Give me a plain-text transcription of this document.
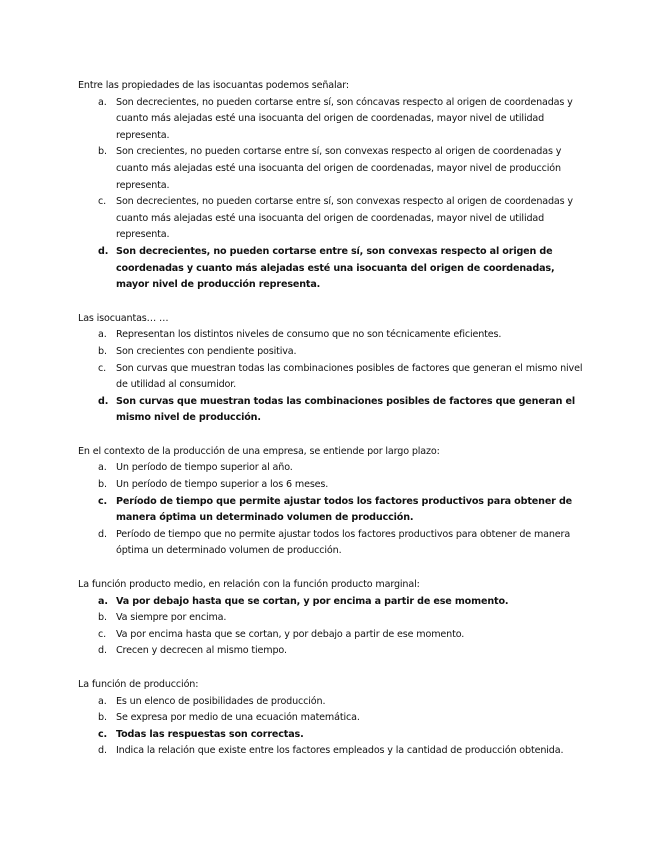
Entre las propiedades de las isocuantas podemos señalar:

a. Son decrecientes, no pueden cortarse entre sí, son cóncavas respecto al origen de coordenadas y cuanto más alejadas esté una isocuanta del origen de coordenadas, mayor nivel de utilidad representa.
b. Son crecientes, no pueden cortarse entre sí, son convexas respecto al origen de coordenadas y cuanto más alejadas esté una isocuanta del origen de coordenadas, mayor nivel de producción representa.
c.	Son decrecientes, no pueden cortarse entre sí, son convexas respecto al origen de coordenadas y cuanto más alejadas esté una isocuanta del origen de coordenadas, mayor nivel de utilidad representa.
d. Son decrecientes, no pueden cortarse entre sí, son convexas respecto al origen de coordenadas y cuanto más alejadas esté una isocuanta del origen de coordenadas, mayor nivel de producción representa.

Las isocuantas… …

a. Representan los distintos niveles de consumo que no son técnicamente eficientes.
b. Son crecientes con pendiente positiva.
c.	Son curvas que muestran todas las combinaciones posibles de factores que generan el mismo nivel de utilidad al consumidor.
d. Son curvas que muestran todas las combinaciones posibles de factores que generan el mismo nivel de producción.

En el contexto de la producción de una empresa, se entiende por largo plazo:

a. Un período de tiempo superior al año.
b. Un período de tiempo superior a los 6 meses.
c. Período de tiempo que permite ajustar todos los factores productivos para obtener de manera óptima un determinado volumen de producción.
d. Período de tiempo que no permite ajustar todos los factores productivos para obtener de manera óptima un determinado volumen de producción.

La función producto medio, en relación con la función producto marginal:

a. Va por debajo hasta que se cortan, y por encima a partir de ese momento.
b. Va siempre por encima.
c.	Va por encima hasta que se cortan, y por debajo a partir de ese momento.
d. Crecen y decrecen al mismo tiempo.

La función de producción:

a. Es un elenco de posibilidades de producción.
b. Se expresa por medio de una ecuación matemática.
c. Todas las respuestas son correctas.
d. Indica la relación que existe entre los factores empleados y la cantidad de producción obtenida.
